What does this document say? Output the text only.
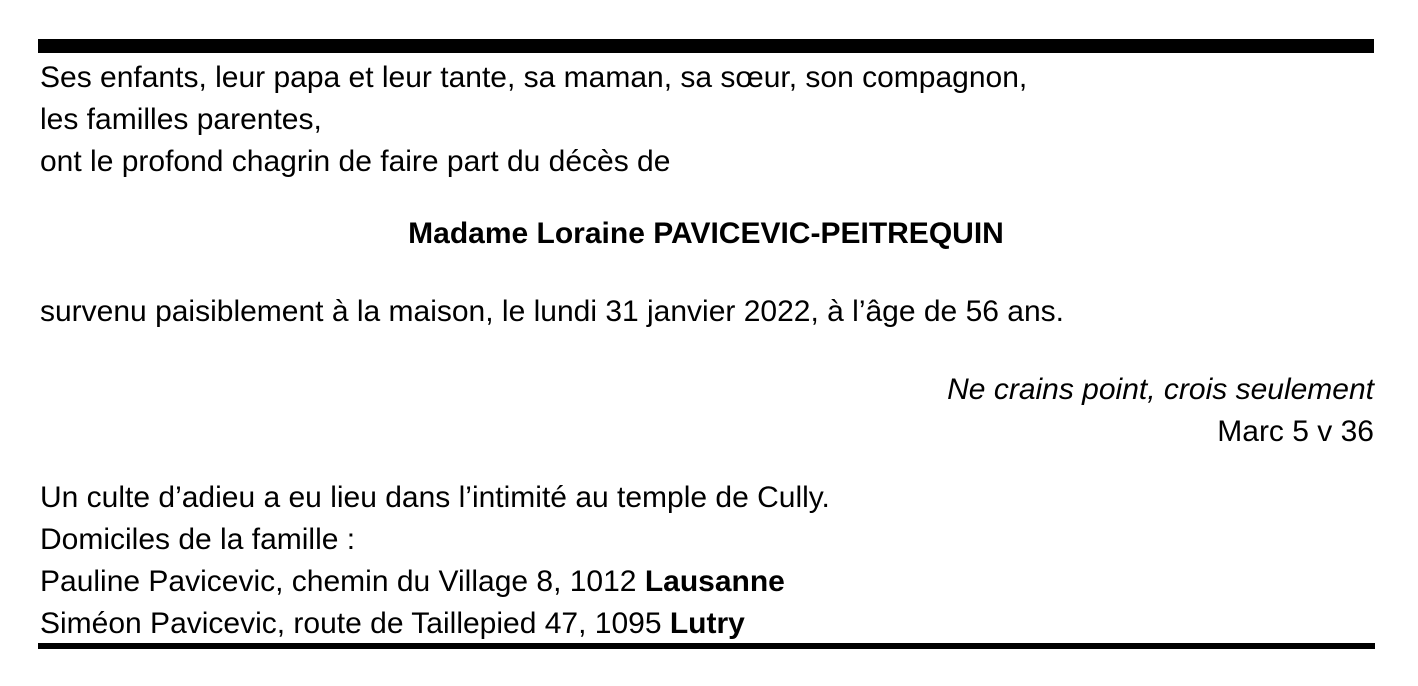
Ses enfants, leur papa et leur tante, sa maman, sa sœur, son compagnon,
les familles parentes,
ont le profond chagrin de faire part du décès de
Madame Loraine PAVICEVIC-PEITREQUIN
survenu paisiblement à la maison, le lundi 31 janvier 2022, à l’âge de 56 ans.
Ne crains point, crois seulement
Marc 5 v 36
Un culte d’adieu a eu lieu dans l’intimité au temple de Cully.
Domiciles de la famille :
Pauline Pavicevic, chemin du Village 8, 1012 Lausanne
Siméon Pavicevic, route de Taillepied 47, 1095 Lutry
